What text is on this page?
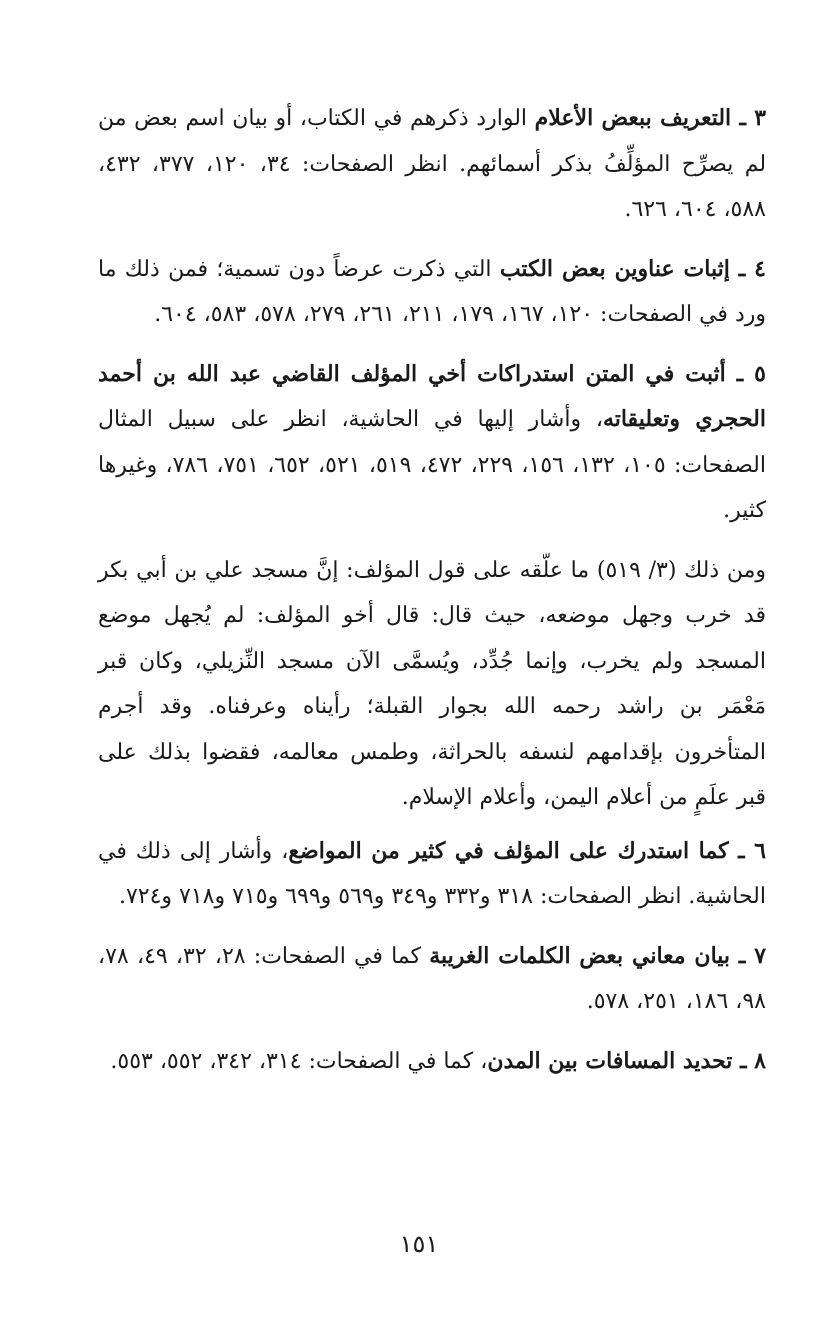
٣ ـ التعريف ببعض الأعلام الوارد ذكرهم في الكتاب، أو بيان اسم بعض من لم يصرِّح المؤلِّفُ بذكر أسمائهم. انظر الصفحات: ٣٤، ١٢٠، ٣٧٧، ٤٣٢، ٥٨٨، ٦٠٤، ٦٢٦.

٤ ـ إثبات عناوين بعض الكتب التي ذكرت عرضاً دون تسمية؛ فمن ذلك ما ورد في الصفحات: ١٢٠، ١٦٧، ١٧٩، ٢١١، ٢٦١، ٢٧٩، ٥٧٨، ٥٨٣، ٦٠٤.

٥ ـ أثبت في المتن استدراكات أخي المؤلف القاضي عبد الله بن أحمد الحجري وتعليقاته، وأشار إليها في الحاشية، انظر على سبيل المثال الصفحات: ١٠٥، ١٣٢، ١٥٦، ٢٢٩، ٤٧٢، ٥١٩، ٥٢١، ٦٥٢، ٧٥١، ٧٨٦، وغيرها كثير.

ومن ذلك (٣/ ٥١٩) ما علّقه على قول المؤلف: إنَّ مسجد علي بن أبي بكر قد خرب وجهل موضعه، حيث قال: قال أخو المؤلف: لم يُجهل موضع المسجد ولم يخرب، وإنما جُدِّد، ويُسمَّى الآن مسجد النِّزيلي، وكان قبر مَعْمَر بن راشد رحمه الله بجوار القبلة؛ رأيناه وعرفناه. وقد أجرم المتأخرون بإقدامهم لنسفه بالحراثة، وطمس معالمه، فقضوا بذلك على قبر علَمٍ من أعلام اليمن، وأعلام الإسلام.

٦ ـ كما استدرك على المؤلف في كثير من المواضع، وأشار إلى ذلك في الحاشية. انظر الصفحات: ٣١٨ و٣٣٢ و٣٤٩ و٥٦٩ و٦٩٩ و٧١٥ و٧١٨ و٧٢٤.

٧ ـ بيان معاني بعض الكلمات الغريبة كما في الصفحات: ٢٨، ٣٢، ٤٩، ٧٨، ٩٨، ١٨٦، ٢٥١، ٥٧٨.

٨ ـ تحديد المسافات بين المدن، كما في الصفحات: ٣١٤، ٣٤٢، ٥٥٢، ٥٥٣.

١٥١
